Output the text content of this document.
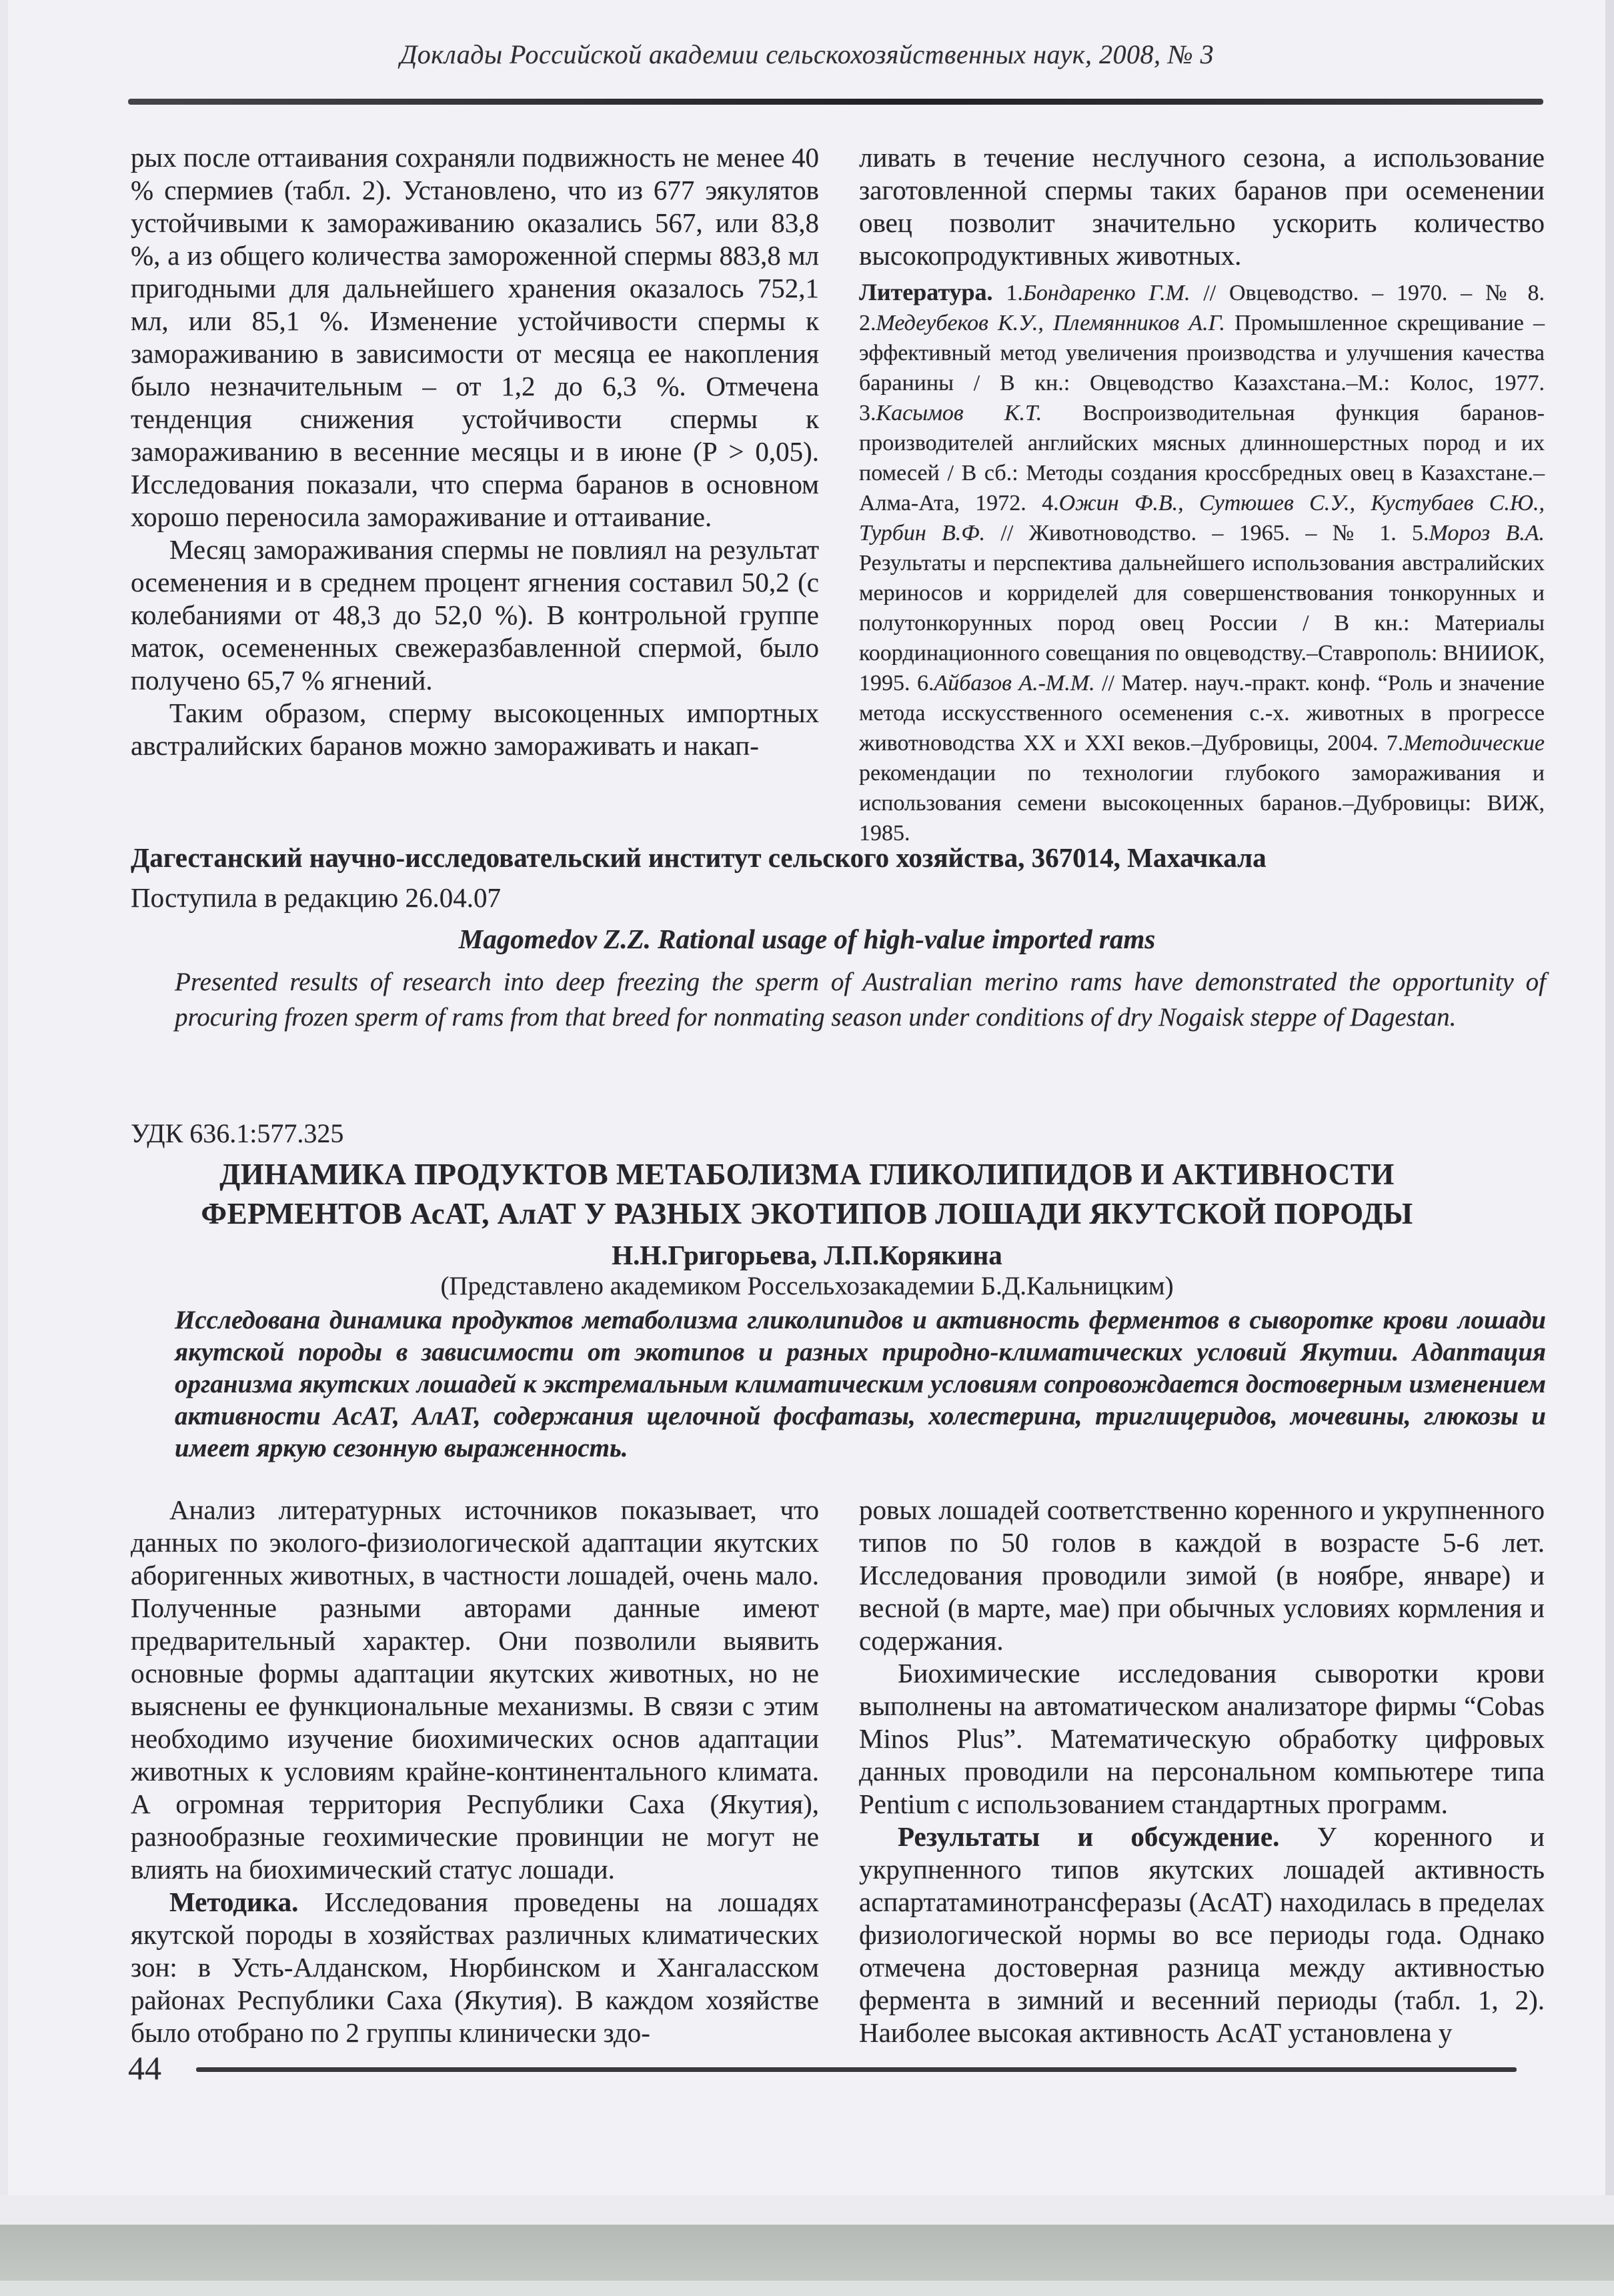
Доклады Российской академии сельскохозяйственных наук, 2008, № 3

рых после оттаивания сохраняли подвижность не менее 40 % спермиев (табл. 2). Установлено, что из 677 эякулятов устойчивыми к замораживанию оказались 567, или 83,8 %, а из общего количества замороженной спермы 883,8 мл пригодными для дальнейшего хранения оказалось 752,1 мл, или 85,1 %. Изменение устойчивости спермы к замораживанию в зависимости от месяца ее накопления было незначительным – от 1,2 до 6,3 %. Отмечена тенденция снижения устойчивости спермы к замораживанию в весенние месяцы и в июне (Р > 0,05). Исследования показали, что сперма баранов в основном хорошо переносила замораживание и оттаивание.

Месяц замораживания спермы не повлиял на результат осеменения и в среднем процент ягнения составил 50,2 (с колебаниями от 48,3 до 52,0 %). В контрольной группе маток, осемененных свежеразбавленной спермой, было получено 65,7 % ягнений.

Таким образом, сперму высокоценных импортных австралийских баранов можно замораживать и накап-

ливать в течение неслучного сезона, а использование заготовленной спермы таких баранов при осеменении овец позволит значительно ускорить количество высокопродуктивных животных.

Литература. 1.Бондаренко Г.М. // Овцеводство. – 1970. – № 8. 2.Медеубеков К.У., Племянников А.Г. Промышленное скрещивание – эффективный метод увеличения производства и улучшения качества баранины / В кн.: Овцеводство Казахстана.–М.: Колос, 1977. 3.Касымов К.Т. Воспроизводительная функция баранов-производителей английских мясных длинношерстных пород и их помесей / В сб.: Методы создания кроссбредных овец в Казахстане.–Алма-Ата, 1972. 4.Ожин Ф.В., Сутюшев С.У., Кустубаев С.Ю., Турбин В.Ф. // Животноводство. – 1965. – № 1. 5.Мороз В.А. Результаты и перспектива дальнейшего использования австралийских мериносов и корриделей для совершенствования тонкорунных и полутонкорунных пород овец России / В кн.: Материалы координационного совещания по овцеводству.–Ставрополь: ВНИИОК, 1995. 6.Айбазов А.-М.М. // Матер. науч.-практ. конф. “Роль и значение метода исскусственного осеменения с.-х. животных в прогрессе животноводства XX и XXI веков.–Дубровицы, 2004. 7.Методические рекомендации по технологии глубокого замораживания и использования семени высокоценных баранов.–Дубровицы: ВИЖ, 1985.
Дагестанский научно-исследовательский институт сельского хозяйства, 367014, Махачкала
Поступила в редакцию 26.04.07
Magomedov Z.Z. Rational usage of high-value imported rams
Presented results of research into deep freezing the sperm of Australian merino rams have demonstrated the opportunity of procuring frozen sperm of rams from that breed for nonmating season under conditions of dry Nogaisk steppe of Dagestan.
УДК 636.1:577.325
ДИНАМИКА ПРОДУКТОВ МЕТАБОЛИЗМА ГЛИКОЛИПИДОВ И АКТИВНОСТИ
ФЕРМЕНТОВ АсАТ, АлАТ У РАЗНЫХ ЭКОТИПОВ ЛОШАДИ ЯКУТСКОЙ ПОРОДЫ
Н.Н.Григорьева, Л.П.Корякина
(Представлено академиком Россельхозакадемии Б.Д.Кальницким)
Исследована динамика продуктов метаболизма гликолипидов и активность ферментов в сыворотке крови лошади якутской породы в зависимости от экотипов и разных природно-климатических условий Якутии. Адаптация организма якутских лошадей к экстремальным климатическим условиям сопровождается достоверным изменением активности АсАТ, АлАТ, содержания щелочной фосфатазы, холестерина, триглицеридов, мочевины, глюкозы и имеет яркую сезонную выраженность.

Анализ литературных источников показывает, что данных по эколого-физиологической адаптации якутских аборигенных животных, в частности лошадей, очень мало. Полученные разными авторами данные имеют предварительный характер. Они позволили выявить основные формы адаптации якутских животных, но не выяснены ее функциональные механизмы. В связи с этим необходимо изучение биохимических основ адаптации животных к условиям крайне-континентального климата. А огромная территория Республики Саха (Якутия), разнообразные геохимические провинции не могут не влиять на биохимический статус лошади.

Методика. Исследования проведены на лошадях якутской породы в хозяйствах различных климатических зон: в Усть-Алданском, Нюрбинском и Хангаласском районах Республики Саха (Якутия). В каждом хозяйстве было отобрано по 2 группы клинически здо-

ровых лошадей соответственно коренного и укрупненного типов по 50 голов в каждой в возрасте 5-6 лет. Исследования проводили зимой (в ноябре, январе) и весной (в марте, мае) при обычных условиях кормления и содержания.

Биохимические исследования сыворотки крови выполнены на автоматическом анализаторе фирмы “Cobas Minos Plus”. Математическую обработку цифровых данных проводили на персональном компьютере типа Pentium с использованием стандартных программ.

Результаты и обсуждение. У коренного и укрупненного типов якутских лошадей активность аспартатаминотрансферазы (АсАТ) находилась в пределах физиологической нормы во все периоды года. Однако отмечена достоверная разница между активностью фермента в зимний и весенний периоды (табл. 1, 2). Наиболее высокая активность АсАТ установлена у

44
